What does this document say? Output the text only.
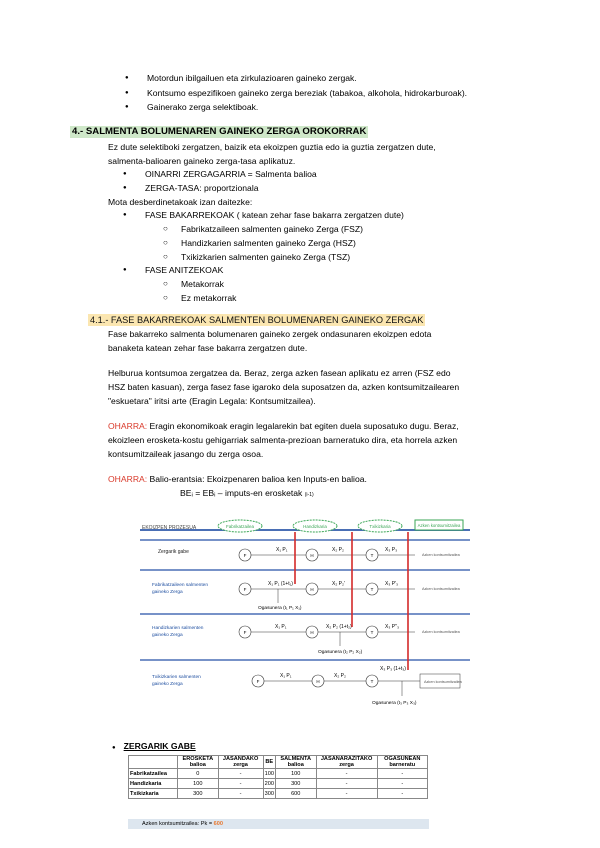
● Motordun ibilgailuen eta zirkulazioaren gaineko zergak.
● Kontsumo espezifikoen gaineko zerga bereziak (tabakoa, alkohola, hidrokarburoak).
● Gainerako zerga selektiboak.
4.- SALMENTA BOLUMENAREN GAINEKO ZERGA OROKORRAK
Ez dute selektiboki zergatzen, baizik eta ekoizpen guztia edo ia guztia zergatzen dute,
salmenta-balioaren gaineko zerga-tasa aplikatuz.
● OINARRI ZERGAGARRIA = Salmenta balioa
● ZERGA-TASA: proportzionala
Mota desberdinetakoak izan daitezke:
● FASE BAKARREKOAK ( katean zehar fase bakarra zergatzen dute)
○ Fabrikatzaileen salmenten gaineko Zerga (FSZ)
○ Handizkarien salmenten gaineko Zerga (HSZ)
○ Txikizkarien salmenten gaineko Zerga (TSZ)
● FASE ANITZEKOAK
○ Metakorrak
○ Ez metakorrak
4.1.- FASE BAKARREKOAK SALMENTEN BOLUMENAREN GAINEKO ZERGAK
Fase bakarreko salmenta bolumenaren gaineko zergek ondasunaren ekoizpen edota
banaketa katean zehar fase bakarra zergatzen dute.
Helburua kontsumoa zergatzea da. Beraz, zerga azken fasean aplikatu ez arren (FSZ edo
HSZ baten kasuan), zerga fasez fase igaroko dela suposatzen da, azken kontsumitzailearen
"eskuetara" iritsi arte (Eragin Legala: Kontsumitzailea).
OHARRA: Eragin ekonomikoak eragin legalarekin bat egiten duela suposatuko dugu. Beraz,
ekoizleen erosketa-kostu gehigarriak salmenta-prezioan barneratuko dira, eta horrela azken
kontsumitzaileak jasango du zerga osoa.
OHARRA: Balio-erantsia: Ekoizpenaren balioa ken Inputs-en balioa.
BEᵢ = EBᵢ – imputs-en erosketak (i-1)
EKOIZPEN PROZESUA	Fabrikatzailea	Handizkaria	Txikizkaria	Azken kontsumitzailea
Zergarik gabe
F	H	T
X₁ P₁	X₂ P₂	X₃ P₃
Azken kontsumitzailea
Fabrikatzaileen salmenten
gaineko Zerga
F	H	T
X₁ P₁ (1+t₁)	X₂ P₂'	X₃ P'₃
Azken kontsumitzailea
Ogasunera (t₁ P₁ X₁)
Handizkarien salmenten
gaineko Zerga
F	H	T
X₁ P₁	X₂ P₂ (1+t₂)	X₃ P''₃
Azken kontsumitzailea
Ogasunera (t₂ P₂ X₂)
Txikizkarien salmenten
gaineko Zerga
F	H	T
X₁ P₁	X₂ P₂
X₃ P₃ (1+t₃)
Azken kontsumitzailea
Ogasunera (t₃ P₃ X₃)
● ZERGARIK GABE
	EROSKETA balioa	JASANDAKO zerga	BE	SALMENTA balioa	JASANARAZITAKO zerga	OGASUNEAN barneratu
Fabrikatzailea	0	-	100	100	-	-
Handizkaria	100	-	200	300	-	-
Txikizkaria	300	-	300	600	-	-
Azken kontsumitzailea: Pk = 600
